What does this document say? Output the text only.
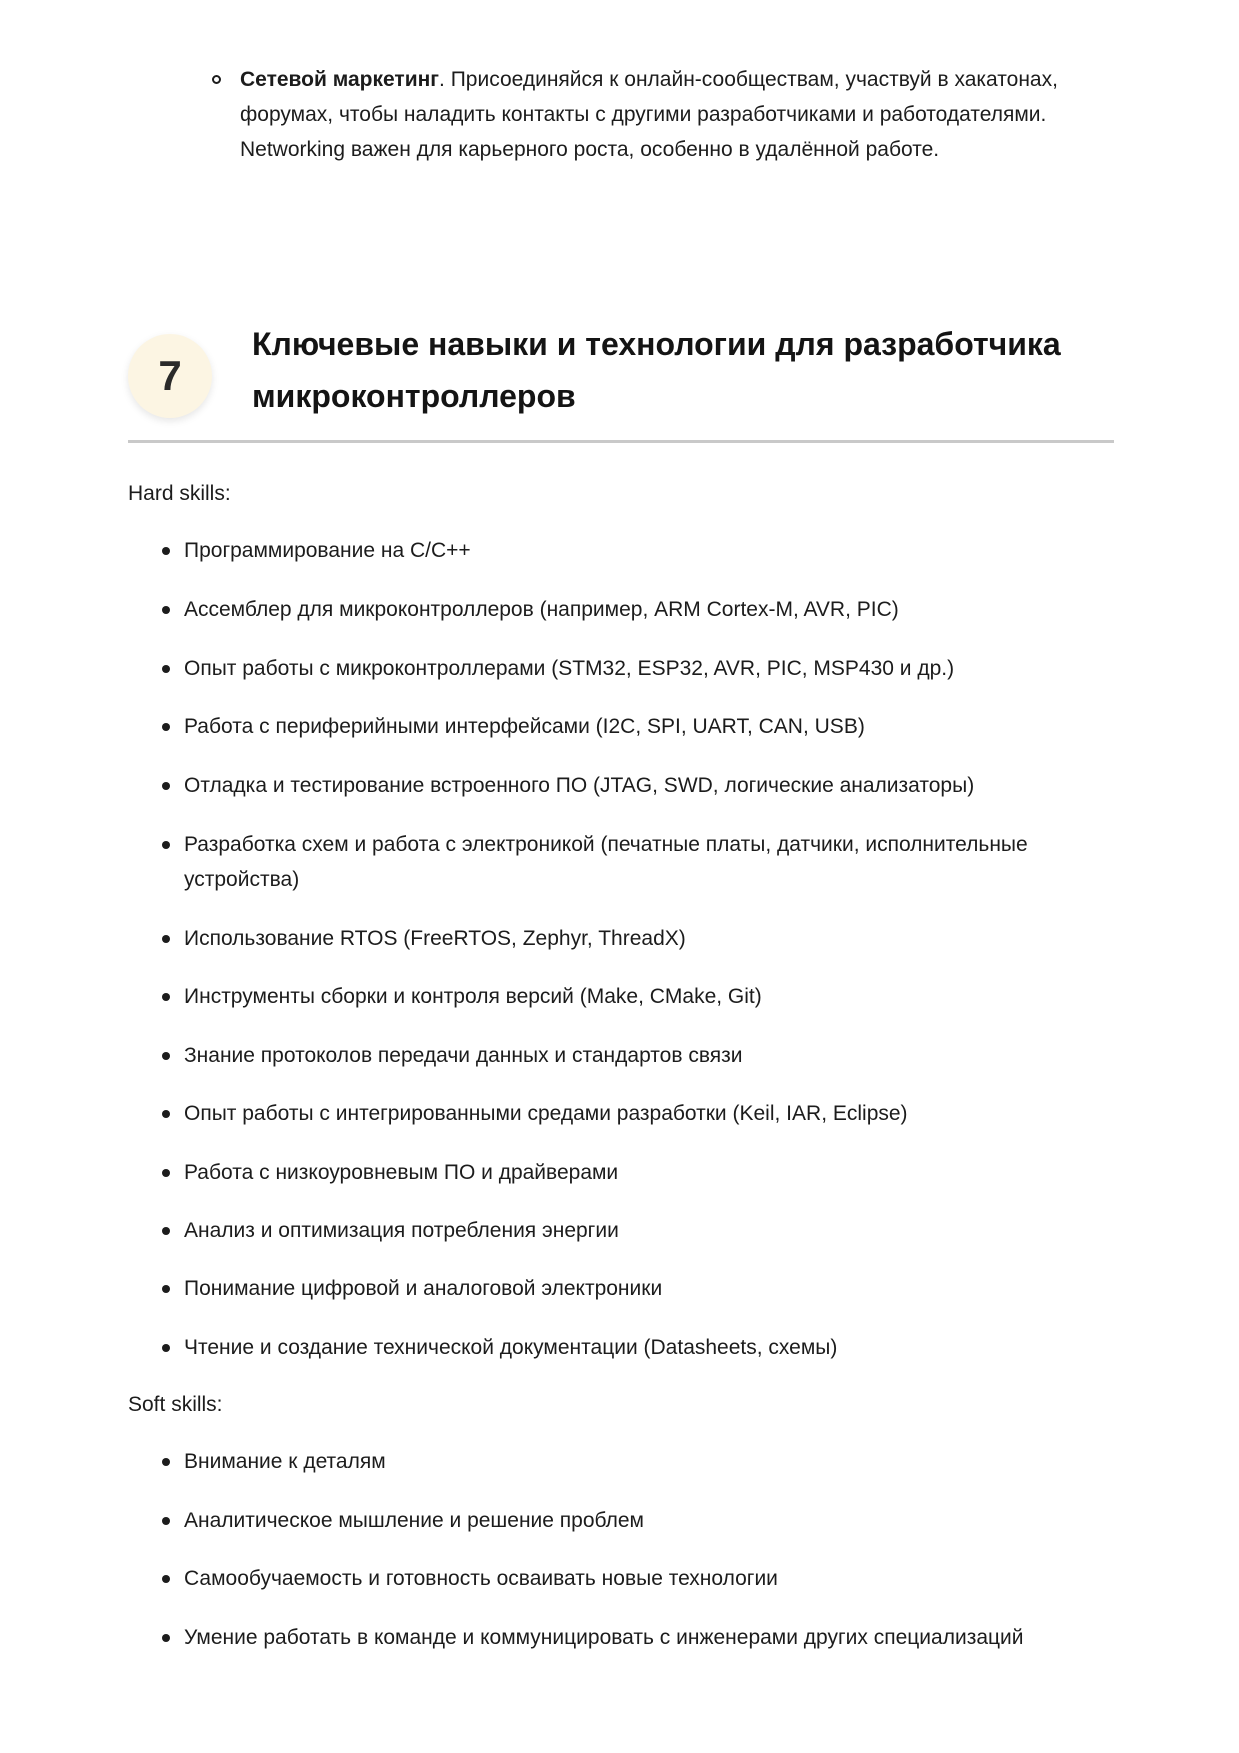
Сетевой маркетинг. Присоединяйся к онлайн-сообществам, участвуй в хакатонах, форумах, чтобы наладить контакты с другими разработчиками и работодателями. Networking важен для карьерного роста, особенно в удалённой работе.
7
Ключевые навыки и технологии для разработчика
микроконтроллеров
Hard skills:
Программирование на C/C++
Ассемблер для микроконтроллеров (например, ARM Cortex-M, AVR, PIC)
Опыт работы с микроконтроллерами (STM32, ESP32, AVR, PIC, MSP430 и др.)
Работа с периферийными интерфейсами (I2C, SPI, UART, CAN, USB)
Отладка и тестирование встроенного ПО (JTAG, SWD, логические анализаторы)
Разработка схем и работа с электроникой (печатные платы, датчики, исполнительные
устройства)
Использование RTOS (FreeRTOS, Zephyr, ThreadX)
Инструменты сборки и контроля версий (Make, CMake, Git)
Знание протоколов передачи данных и стандартов связи
Опыт работы с интегрированными средами разработки (Keil, IAR, Eclipse)
Работа с низкоуровневым ПО и драйверами
Анализ и оптимизация потребления энергии
Понимание цифровой и аналоговой электроники
Чтение и создание технической документации (Datasheets, схемы)
Soft skills:
Внимание к деталям
Аналитическое мышление и решение проблем
Самообучаемость и готовность осваивать новые технологии
Умение работать в команде и коммуницировать с инженерами других специализаций
